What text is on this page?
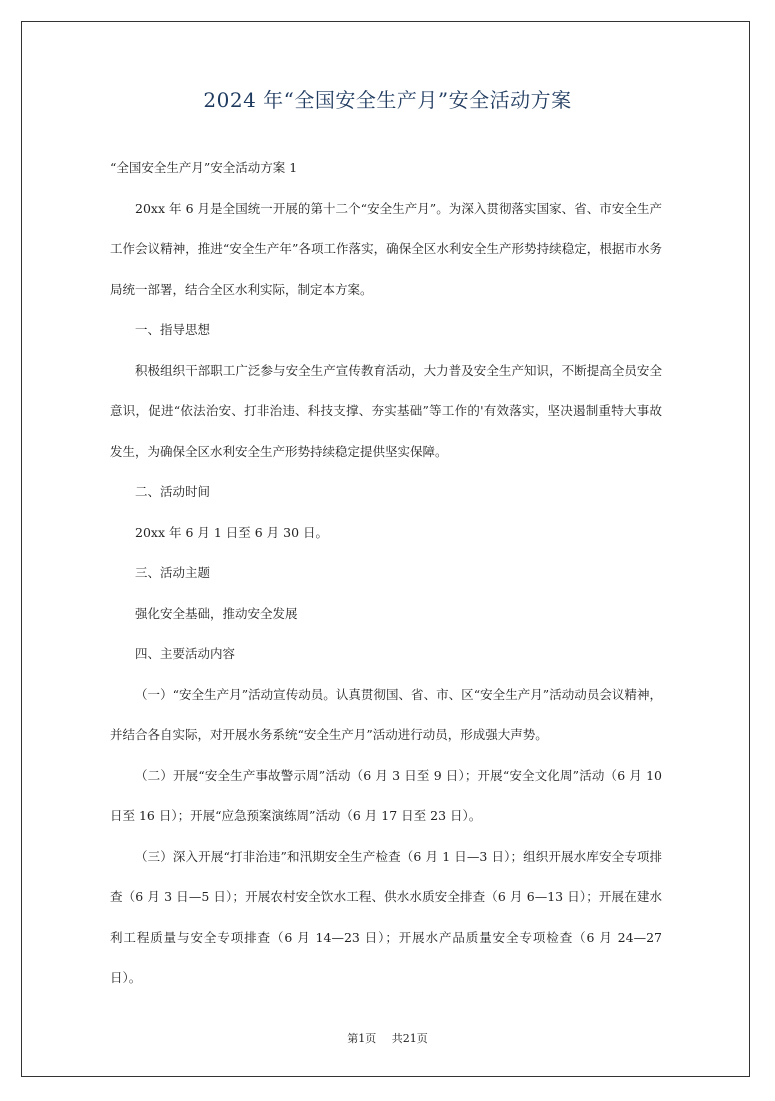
2024 年“全国安全生产月”安全活动方案

“全国安全生产月”安全活动方案 1

20xx 年 6 月是全国统一开展的第十二个“安全生产月”。为深入贯彻落实国家、省、市安全生产工作会议精神，推进“安全生产年”各项工作落实，确保全区水利安全生产形势持续稳定，根据市水务局统一部署，结合全区水利实际，制定本方案。

一、指导思想

积极组织干部职工广泛参与安全生产宣传教育活动，大力普及安全生产知识，不断提高全员安全意识，促进“依法治安、打非治违、科技支撑、夯实基础”等工作的'有效落实，坚决遏制重特大事故发生，为确保全区水利安全生产形势持续稳定提供坚实保障。

二、活动时间

20xx 年 6 月 1 日至 6 月 30 日。

三、活动主题

强化安全基础，推动安全发展

四、主要活动内容

（一）“安全生产月”活动宣传动员。认真贯彻国、省、市、区“安全生产月”活动动员会议精神，并结合各自实际，对开展水务系统“安全生产月”活动进行动员，形成强大声势。

（二）开展“安全生产事故警示周”活动（6 月 3 日至 9 日）；开展“安全文化周”活动（6 月 10 日至 16 日）；开展“应急预案演练周”活动（6 月 17 日至 23 日）。

（三）深入开展“打非治违”和汛期安全生产检查（6 月 1 日—3 日）；组织开展水库安全专项排查（6 月 3 日—5 日）；开展农村安全饮水工程、供水水质安全排查（6 月 6—13 日）；开展在建水利工程质量与安全专项排查（6 月 14—23 日）；开展水产品质量安全专项检查（6 月 24—27 日）。

第1页 共21页
